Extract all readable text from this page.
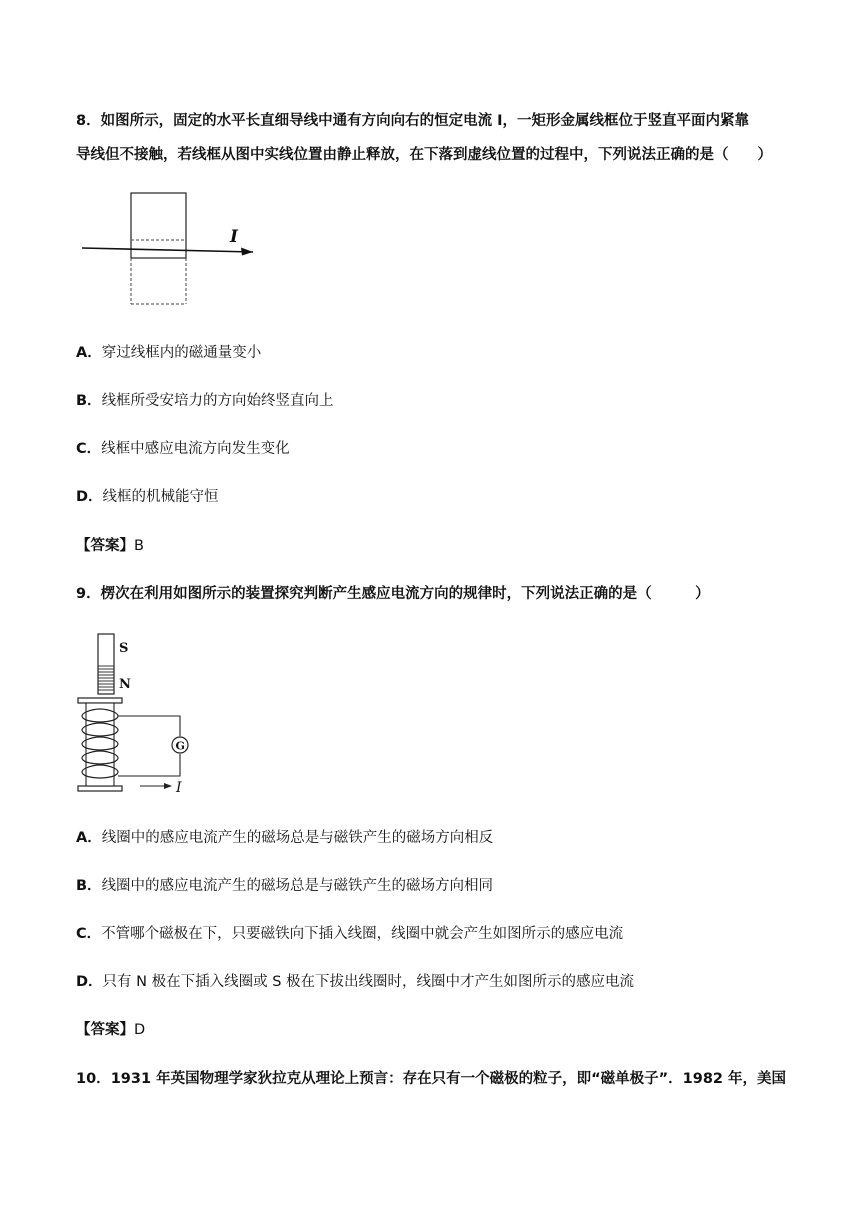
8．如图所示，固定的水平长直细导线中通有方向向右的恒定电流 I，一矩形金属线框位于竖直平面内紧靠
导线但不接触，若线框从图中实线位置由静止释放，在下落到虚线位置的过程中，下列说法正确的是（　　）
I
A．穿过线框内的磁通量变小
B．线框所受安培力的方向始终竖直向上
C．线框中感应电流方向发生变化
D．线框的机械能守恒
【答案】B
9．楞次在利用如图所示的装置探究判断产生感应电流方向的规律时，下列说法正确的是（　　　）
S
N
G
I
A．线圈中的感应电流产生的磁场总是与磁铁产生的磁场方向相反
B．线圈中的感应电流产生的磁场总是与磁铁产生的磁场方向相同
C．不管哪个磁极在下，只要磁铁向下插入线圈，线圈中就会产生如图所示的感应电流
D．只有 N 极在下插入线圈或 S 极在下拔出线圈时，线圈中才产生如图所示的感应电流
【答案】D
10．1931 年英国物理学家狄拉克从理论上预言：存在只有一个磁极的粒子，即“磁单极子”．1982 年，美国
